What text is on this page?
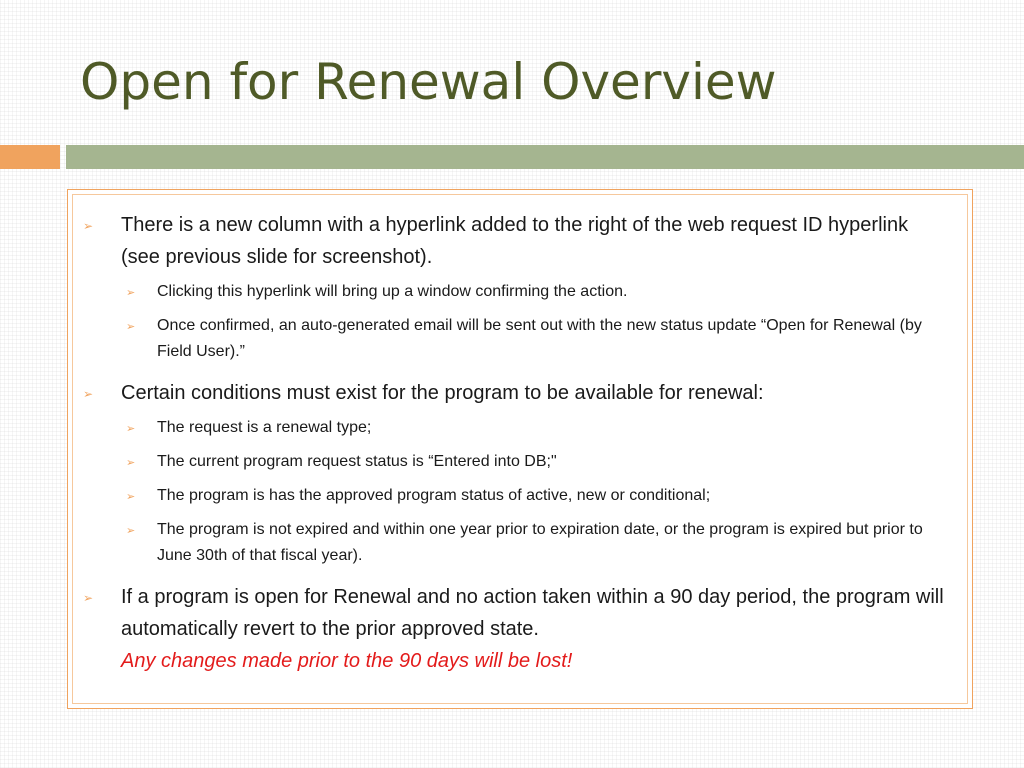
Open for Renewal Overview
➢ There is a new column with a hyperlink added to the right of the web request ID hyperlink (see previous slide for screenshot).
➢ Clicking this hyperlink will bring up a window confirming the action.
➢ Once confirmed, an auto-generated email will be sent out with the new status update “Open for Renewal (by Field User).”
➢ Certain conditions must exist for the program to be available for renewal:
➢ The request is a renewal type;
➢ The current program request status is “Entered into DB;"
➢ The program is has the approved program status of active, new or conditional;
➢ The program is not expired and within one year prior to expiration date, or the program is expired but prior to June 30th of that fiscal year).
➢ If a program is open for Renewal and no action taken within a 90 day period, the program will automatically revert to the prior approved state.
Any changes made prior to the 90 days will be lost!
